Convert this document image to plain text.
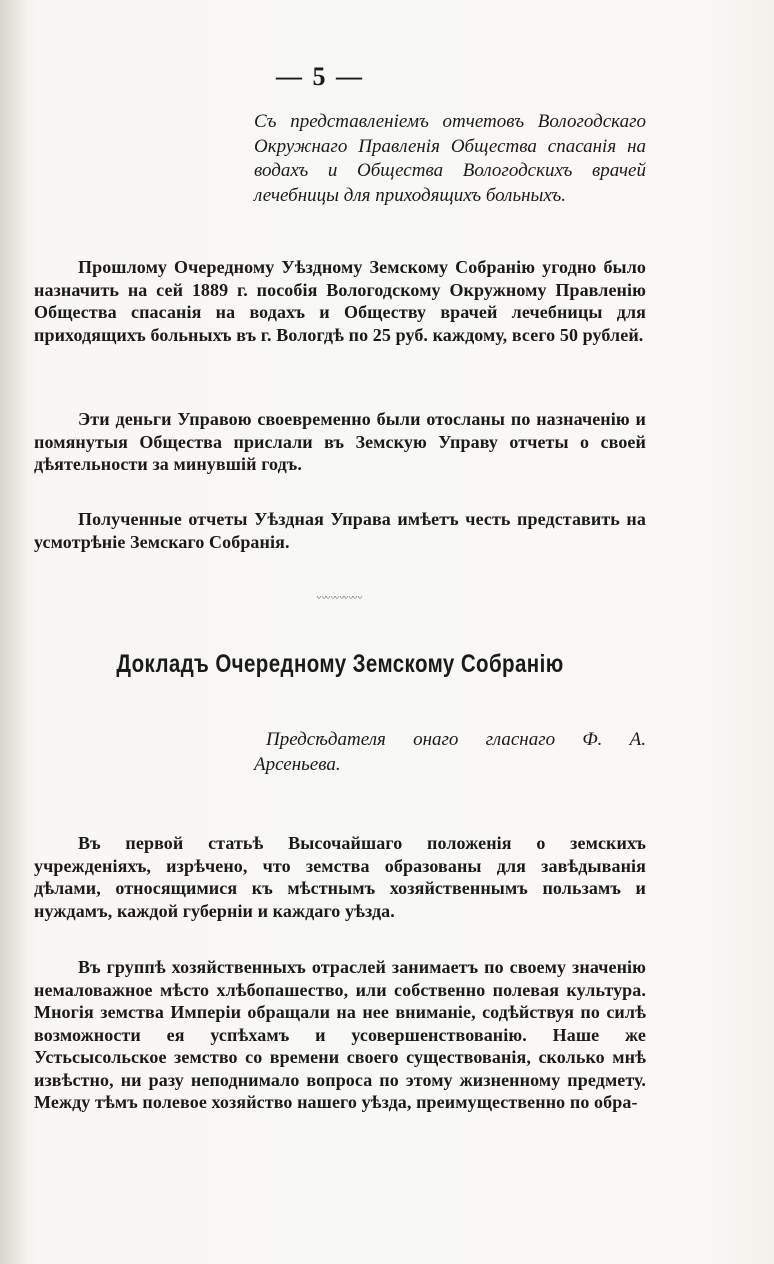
— 5 —
Съ представленіемъ отчетовъ Вологодскаго Окружнаго Правленія Общества спасанія на водахъ и Общества Вологодскихъ врачей лечебницы для приходящихъ больныхъ.

Прошлому Очередному Уѣздному Земскому Собранію угодно было назначить на сей 1889 г. пособія Вологодскому Окружному Правленію Общества спасанія на водахъ и Обществу врачей лечебницы для приходящихъ больныхъ въ г. Вологдѣ по 25 руб. каждому, всего 50 рублей.

Эти деньги Управою своевременно были отосланы по назначенію и помянутыя Общества прислали въ Земскую Управу отчеты о своей дѣятельности за минувшій годъ.

Полученные отчеты Уѣздная Управа имѣетъ честь представить на усмотрѣніе Земскаго Собранія.

〰〰〰〰〰
Докладъ Очередному Земскому Собранію
Предсѣдателя онаго гласнаго Ф. А.
Арсеньева.

Въ первой статьѣ Высочайшаго положенія о земскихъ учрежденіяхъ, изрѣчено, что земства образованы для завѣдыванія дѣлами, относящимися къ мѣстнымъ хозяйственнымъ пользамъ и нуждамъ, каждой губерніи и каждаго уѣзда.

Въ группѣ хозяйственныхъ отраслей занимаетъ по своему значенію немаловажное мѣсто хлѣбопашество, или собственно полевая культура. Многія земства Имперіи обращали на нее вниманіе, содѣйствуя по силѣ возможности ея успѣхамъ и усовершенствованію. Наше же Устьсысольское земство со времени своего существованія, сколько мнѣ извѣстно, ни разу неподнимало вопроса по этому жизненному предмету. Между тѣмъ полевое хозяйство нашего уѣзда, преимущественно по обра-
